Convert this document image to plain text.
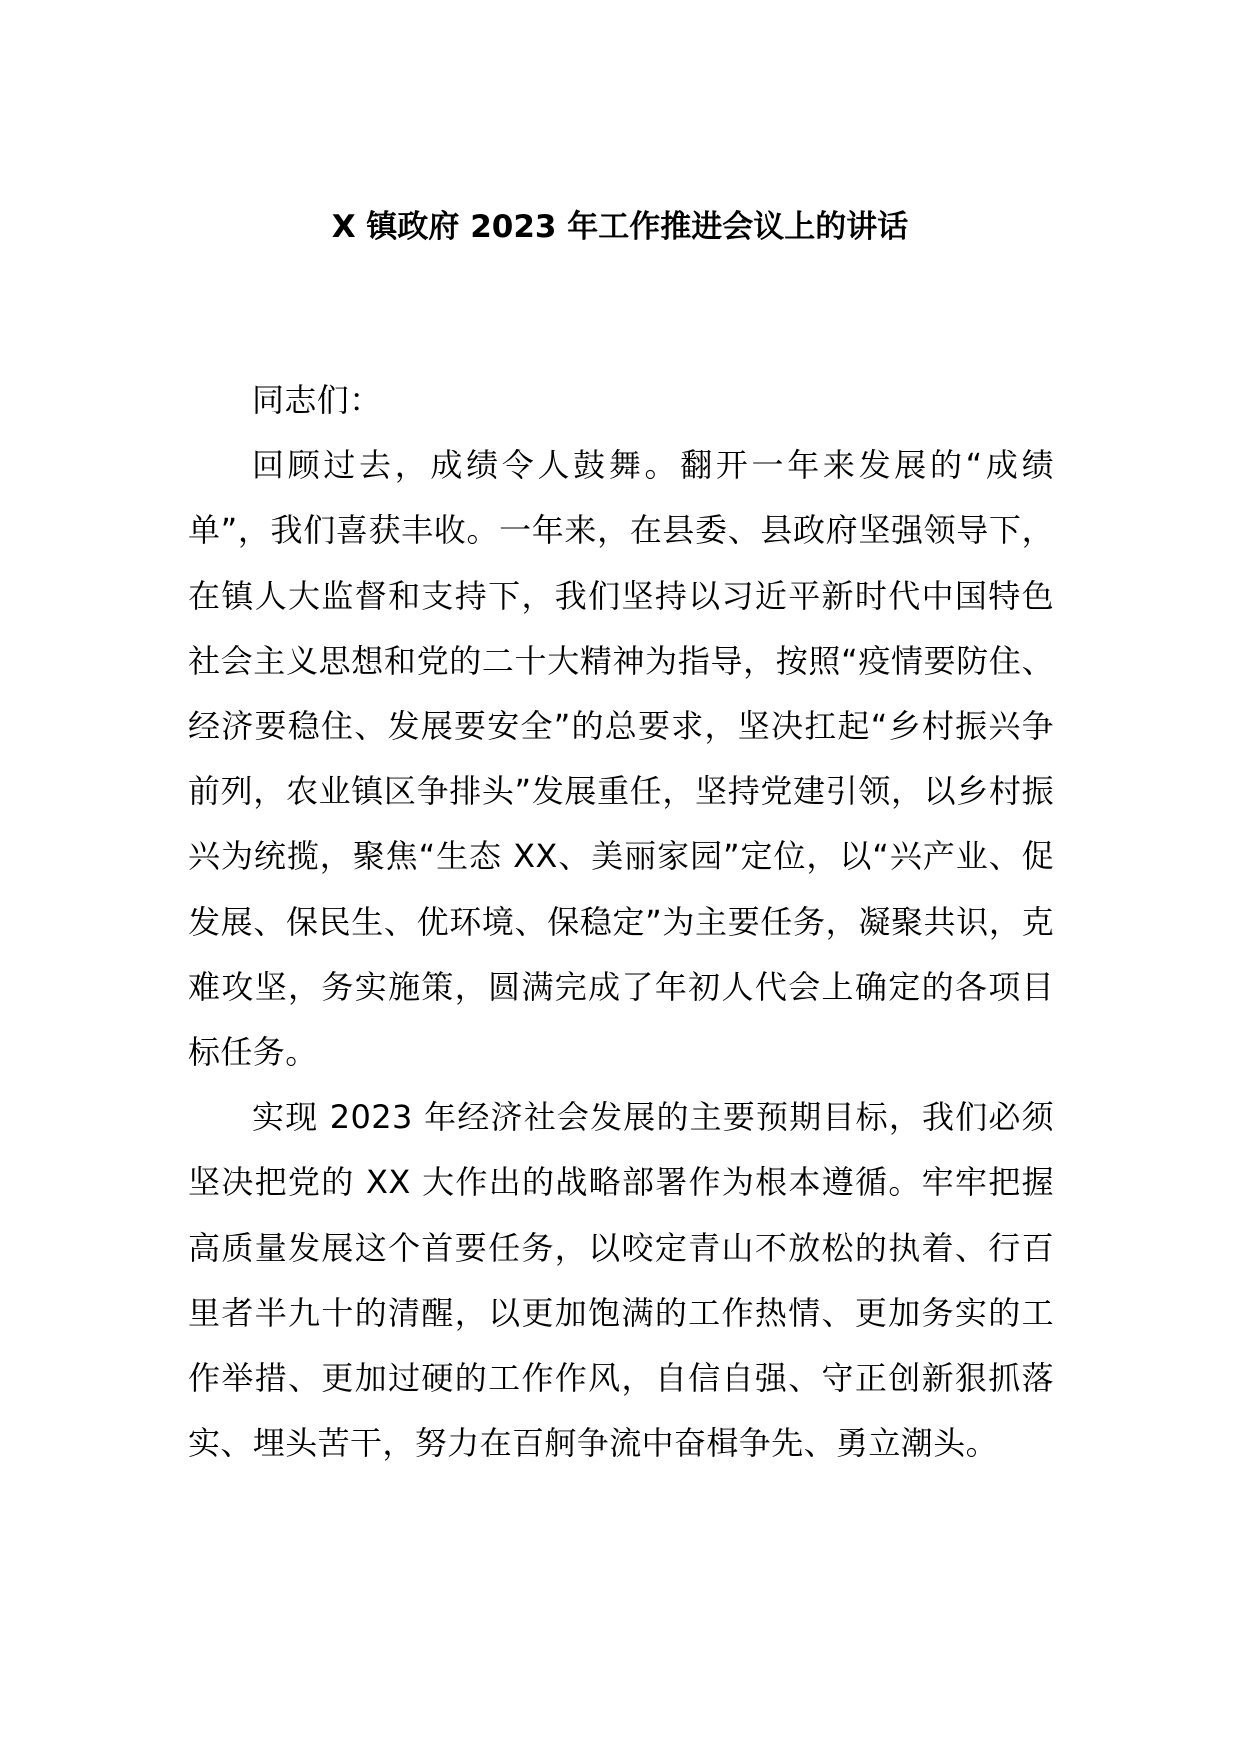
X 镇政府 2023 年工作推进会议上的讲话

同志们：

回顾过去，成绩令人鼓舞。翻开一年来发展的“成绩单”，我们喜获丰收。一年来，在县委、县政府坚强领导下，在镇人大监督和支持下，我们坚持以习近平新时代中国特色社会主义思想和党的二十大精神为指导，按照“疫情要防住、经济要稳住、发展要安全”的总要求，坚决扛起“乡村振兴争前列，农业镇区争排头”发展重任，坚持党建引领，以乡村振兴为统揽，聚焦“生态 XX、美丽家园”定位，以“兴产业、促发展、保民生、优环境、保稳定”为主要任务，凝聚共识，克难攻坚，务实施策，圆满完成了年初人代会上确定的各项目标任务。

实现 2023 年经济社会发展的主要预期目标，我们必须坚决把党的 XX 大作出的战略部署作为根本遵循。牢牢把握高质量发展这个首要任务，以咬定青山不放松的执着、行百里者半九十的清醒，以更加饱满的工作热情、更加务实的工作举措、更加过硬的工作作风，自信自强、守正创新狠抓落实、埋头苦干，努力在百舸争流中奋楫争先、勇立潮头。
